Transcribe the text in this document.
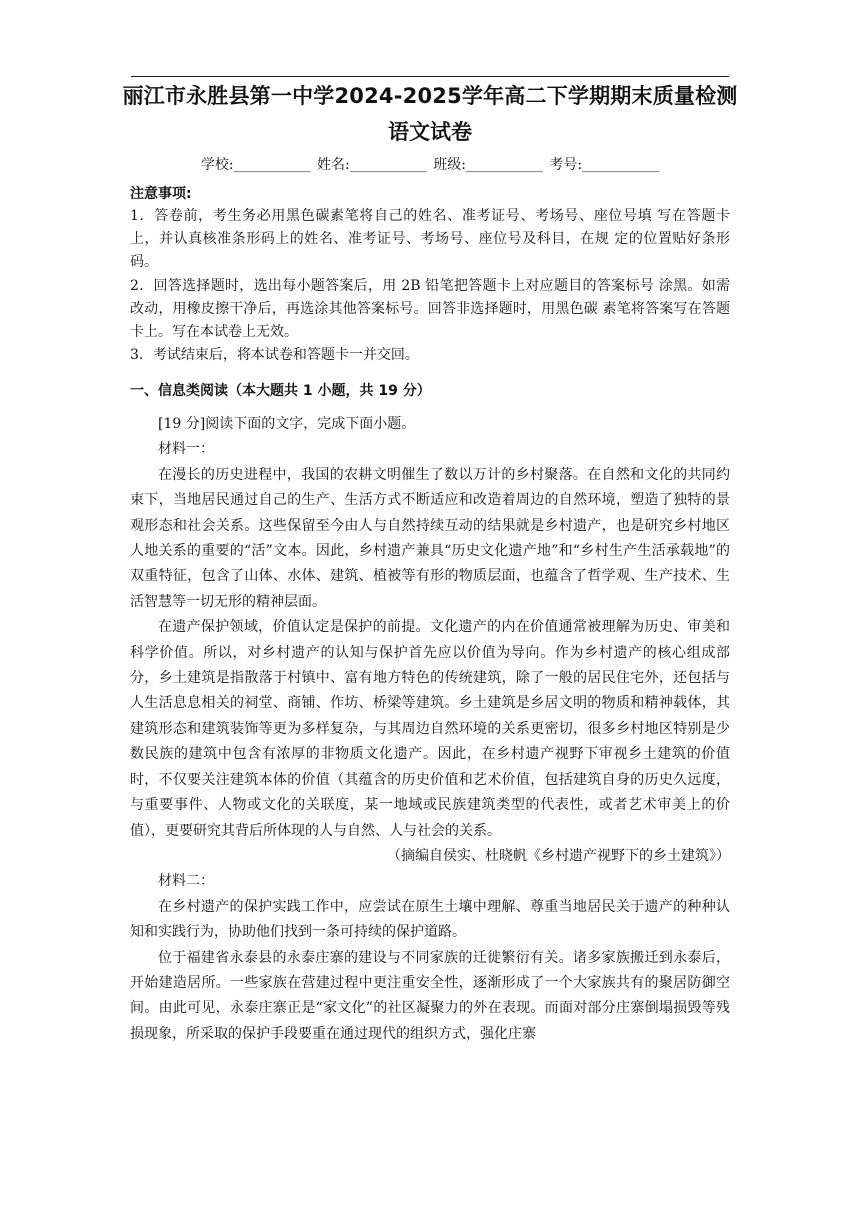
丽江市永胜县第一中学2024-2025学年高二下学期期末质量检测
语文试卷
学校:___________ 姓名:___________ 班级:___________ 考号:___________
注意事项:

1．答卷前，考生务必用黑色碳素笔将自己的姓名、准考证号、考场号、座位号填 写在答题卡上，并认真核准条形码上的姓名、准考证号、考场号、座位号及科目，在规 定的位置贴好条形码。

2．回答选择题时，选出每小题答案后，用 2B 铅笔把答题卡上对应题目的答案标号 涂黑。如需改动，用橡皮擦干净后，再选涂其他答案标号。回答非选择题时，用黑色碳 素笔将答案写在答题卡上。写在本试卷上无效。

3．考试结束后，将本试卷和答题卡一并交回。

一、信息类阅读（本大题共 1 小题，共 19 分）

[19 分]阅读下面的文字，完成下面小题。

材料一：

在漫长的历史进程中，我国的农耕文明催生了数以万计的乡村聚落。在自然和文化的共同约束下，当地居民通过自己的生产、生活方式不断适应和改造着周边的自然环境，塑造了独特的景观形态和社会关系。这些保留至今由人与自然持续互动的结果就是乡村遗产，也是研究乡村地区人地关系的重要的“活”文本。因此，乡村遗产兼具“历史文化遗产地”和“乡村生产生活承载地”的双重特征，包含了山体、水体、建筑、植被等有形的物质层面，也蕴含了哲学观、生产技术、生活智慧等一切无形的精神层面。

在遗产保护领域，价值认定是保护的前提。文化遗产的内在价值通常被理解为历史、审美和科学价值。所以，对乡村遗产的认知与保护首先应以价值为导向。作为乡村遗产的核心组成部分，乡土建筑是指散落于村镇中、富有地方特色的传统建筑，除了一般的居民住宅外，还包括与人生活息息相关的祠堂、商铺、作坊、桥梁等建筑。乡土建筑是乡居文明的物质和精神载体，其建筑形态和建筑装饰等更为多样复杂，与其周边自然环境的关系更密切，很多乡村地区特别是少数民族的建筑中包含有浓厚的非物质文化遗产。因此，在乡村遗产视野下审视乡土建筑的价值时，不仅要关注建筑本体的价值（其蕴含的历史价值和艺术价值，包括建筑自身的历史久远度，与重要事件、人物或文化的关联度，某一地域或民族建筑类型的代表性，或者艺术审美上的价值），更要研究其背后所体现的人与自然、人与社会的关系。

（摘编自侯实、杜晓帆《乡村遗产视野下的乡土建筑》）

材料二：

在乡村遗产的保护实践工作中，应尝试在原生土壤中理解、尊重当地居民关于遗产的种种认知和实践行为，协助他们找到一条可持续的保护道路。

位于福建省永泰县的永泰庄寨的建设与不同家族的迁徙繁衍有关。诸多家族搬迁到永泰后，开始建造居所。一些家族在营建过程中更注重安全性，逐渐形成了一个大家族共有的聚居防御空间。由此可见，永泰庄寨正是“家文化”的社区凝聚力的外在表现。而面对部分庄寨倒塌损毁等残损现象，所采取的保护手段要重在通过现代的组织方式，强化庄寨
